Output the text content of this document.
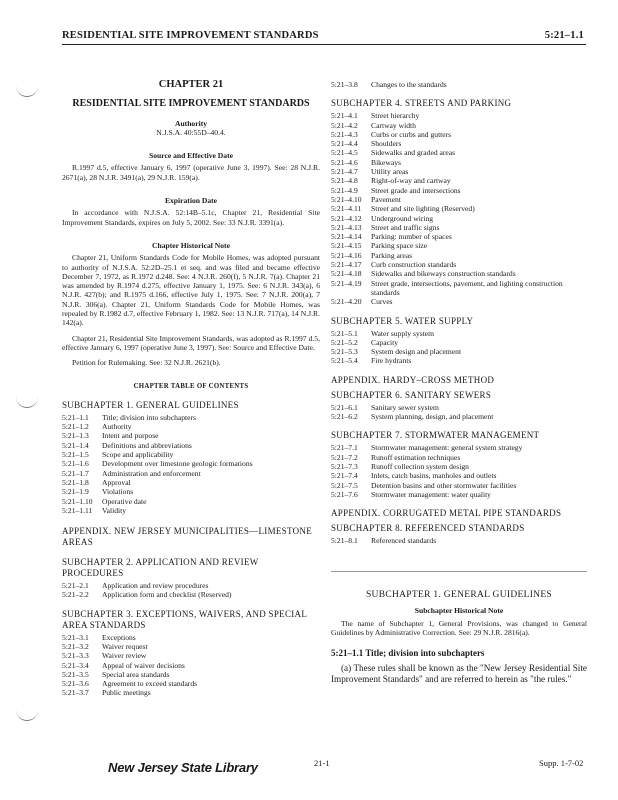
RESIDENTIAL SITE IMPROVEMENT STANDARDS	5:21–1.1
CHAPTER 21
RESIDENTIAL SITE IMPROVEMENT STANDARDS
Authority
N.J.S.A. 40:55D–40.4.
Source and Effective Date
R.1997 d.5, effective January 6, 1997 (operative June 3, 1997). See: 28 N.J.R. 2671(a), 28 N.J.R. 3491(a), 29 N.J.R. 159(a).
Expiration Date
In accordance with N.J.S.A. 52:14B–5.1c, Chapter 21, Residential Site Improvement Standards, expires on July 5, 2002. See: 33 N.J.R. 3391(a).
Chapter Historical Note
Chapter 21, Uniform Standards Code for Mobile Homes, was adopted pursuant to authority of N.J.S.A. 52:2D–25.1 et seq. and was filed and became effective December 7, 1972, as R.1972 d.248. See: 4 N.J.R. 260(f), 5 N.J.R. 7(a). Chapter 21 was amended by R.1974 d.275, effective January 1, 1975. See: 6 N.J.R. 343(a), 6 N.J.R. 427(b); and R.1975 d.166, effective July 1, 1975. See: 7 N.J.R. 200(a), 7 N.J.R. 306(a). Chapter 21, Uniform Standards Code for Mobile Homes, was repealed by R.1982 d.7, effective February 1, 1982. See: 13 N.J.R. 717(a), 14 N.J.R. 142(a).
Chapter 21, Residential Site Improvement Standards, was adopted as R.1997 d.5, effective January 6, 1997 (operative June 3, 1997). See: Source and Effective Date.
Petition for Rulemaking. See: 32 N.J.R. 2621(b).
CHAPTER TABLE OF CONTENTS
SUBCHAPTER 1. GENERAL GUIDELINES
5:21–1.1	Title; division into subchapters
5:21–1.2	Authority
5:21–1.3	Intent and purpose
5:21–1.4	Definitions and abbreviations
5:21–1.5	Scope and applicability
5:21–1.6	Development over limestone geologic formations
5:21–1.7	Administration and enforcement
5:21–1.8	Approval
5:21–1.9	Violations
5:21–1.10	Operative date
5:21–1.11	Validity
APPENDIX. NEW JERSEY MUNICIPALITIES—LIMESTONE AREAS
SUBCHAPTER 2. APPLICATION AND REVIEW PROCEDURES
5:21–2.1	Application and review procedures
5:21–2.2	Application form and checklist (Reserved)
SUBCHAPTER 3. EXCEPTIONS, WAIVERS, AND SPECIAL AREA STANDARDS
5:21–3.1	Exceptions
5:21–3.2	Waiver request
5:21–3.3	Waiver review
5:21–3.4	Appeal of waiver decisions
5:21–3.5	Special area standards
5:21–3.6	Agreement to exceed standards
5:21–3.7	Public meetings
5:21–3.8	Changes to the standards
SUBCHAPTER 4. STREETS AND PARKING
5:21–4.1	Street hierarchy
5:21–4.2	Cartway width
5:21–4.3	Curbs or curbs and gutters
5:21–4.4	Shoulders
5:21–4.5	Sidewalks and graded areas
5:21–4.6	Bikeways
5:21–4.7	Utility areas
5:21–4.8	Right-of-way and cartway
5:21–4.9	Street grade and intersections
5:21–4.10	Pavement
5:21–4.11	Street and site lighting (Reserved)
5:21–4.12	Underground wiring
5:21–4.13	Street and traffic signs
5:21–4.14	Parking: number of spaces
5:21–4.15	Parking space size
5:21–4.16	Parking areas
5:21–4.17	Curb construction standards
5:21–4.18	Sidewalks and bikeways construction standards
5:21–4.19	Street grade, intersections, pavement, and lighting construction standards
5:21–4.20	Curves
SUBCHAPTER 5. WATER SUPPLY
5:21–5.1	Water supply system
5:21–5.2	Capacity
5:21–5.3	System design and placement
5:21–5.4	Fire hydrants
APPENDIX. HARDY–CROSS METHOD
SUBCHAPTER 6. SANITARY SEWERS
5:21–6.1	Sanitary sewer system
5:21–6.2	System planning, design, and placement
SUBCHAPTER 7. STORMWATER MANAGEMENT
5:21–7.1	Stormwater management: general system strategy
5:21–7.2	Runoff estimation techniques
5:21–7.3	Runoff collection system design
5:21–7.4	Inlets, catch basins, manholes and outlets
5:21–7.5	Detention basins and other stormwater facilities
5:21–7.6	Stormwater management: water quality
APPENDIX. CORRUGATED METAL PIPE STANDARDS
SUBCHAPTER 8. REFERENCED STANDARDS
5:21–8.1	Referenced standards
SUBCHAPTER 1. GENERAL GUIDELINES
Subchapter Historical Note
The name of Subchapter 1, General Provisions, was changed to General Guidelines by Administrative Correction. See: 29 N.J.R. 2816(a).
5:21–1.1 Title; division into subchapters
(a) These rules shall be known as the "New Jersey Residential Site Improvement Standards" and are referred to herein as "the rules."
21-1	Supp. 1-7-02
New Jersey State Library
